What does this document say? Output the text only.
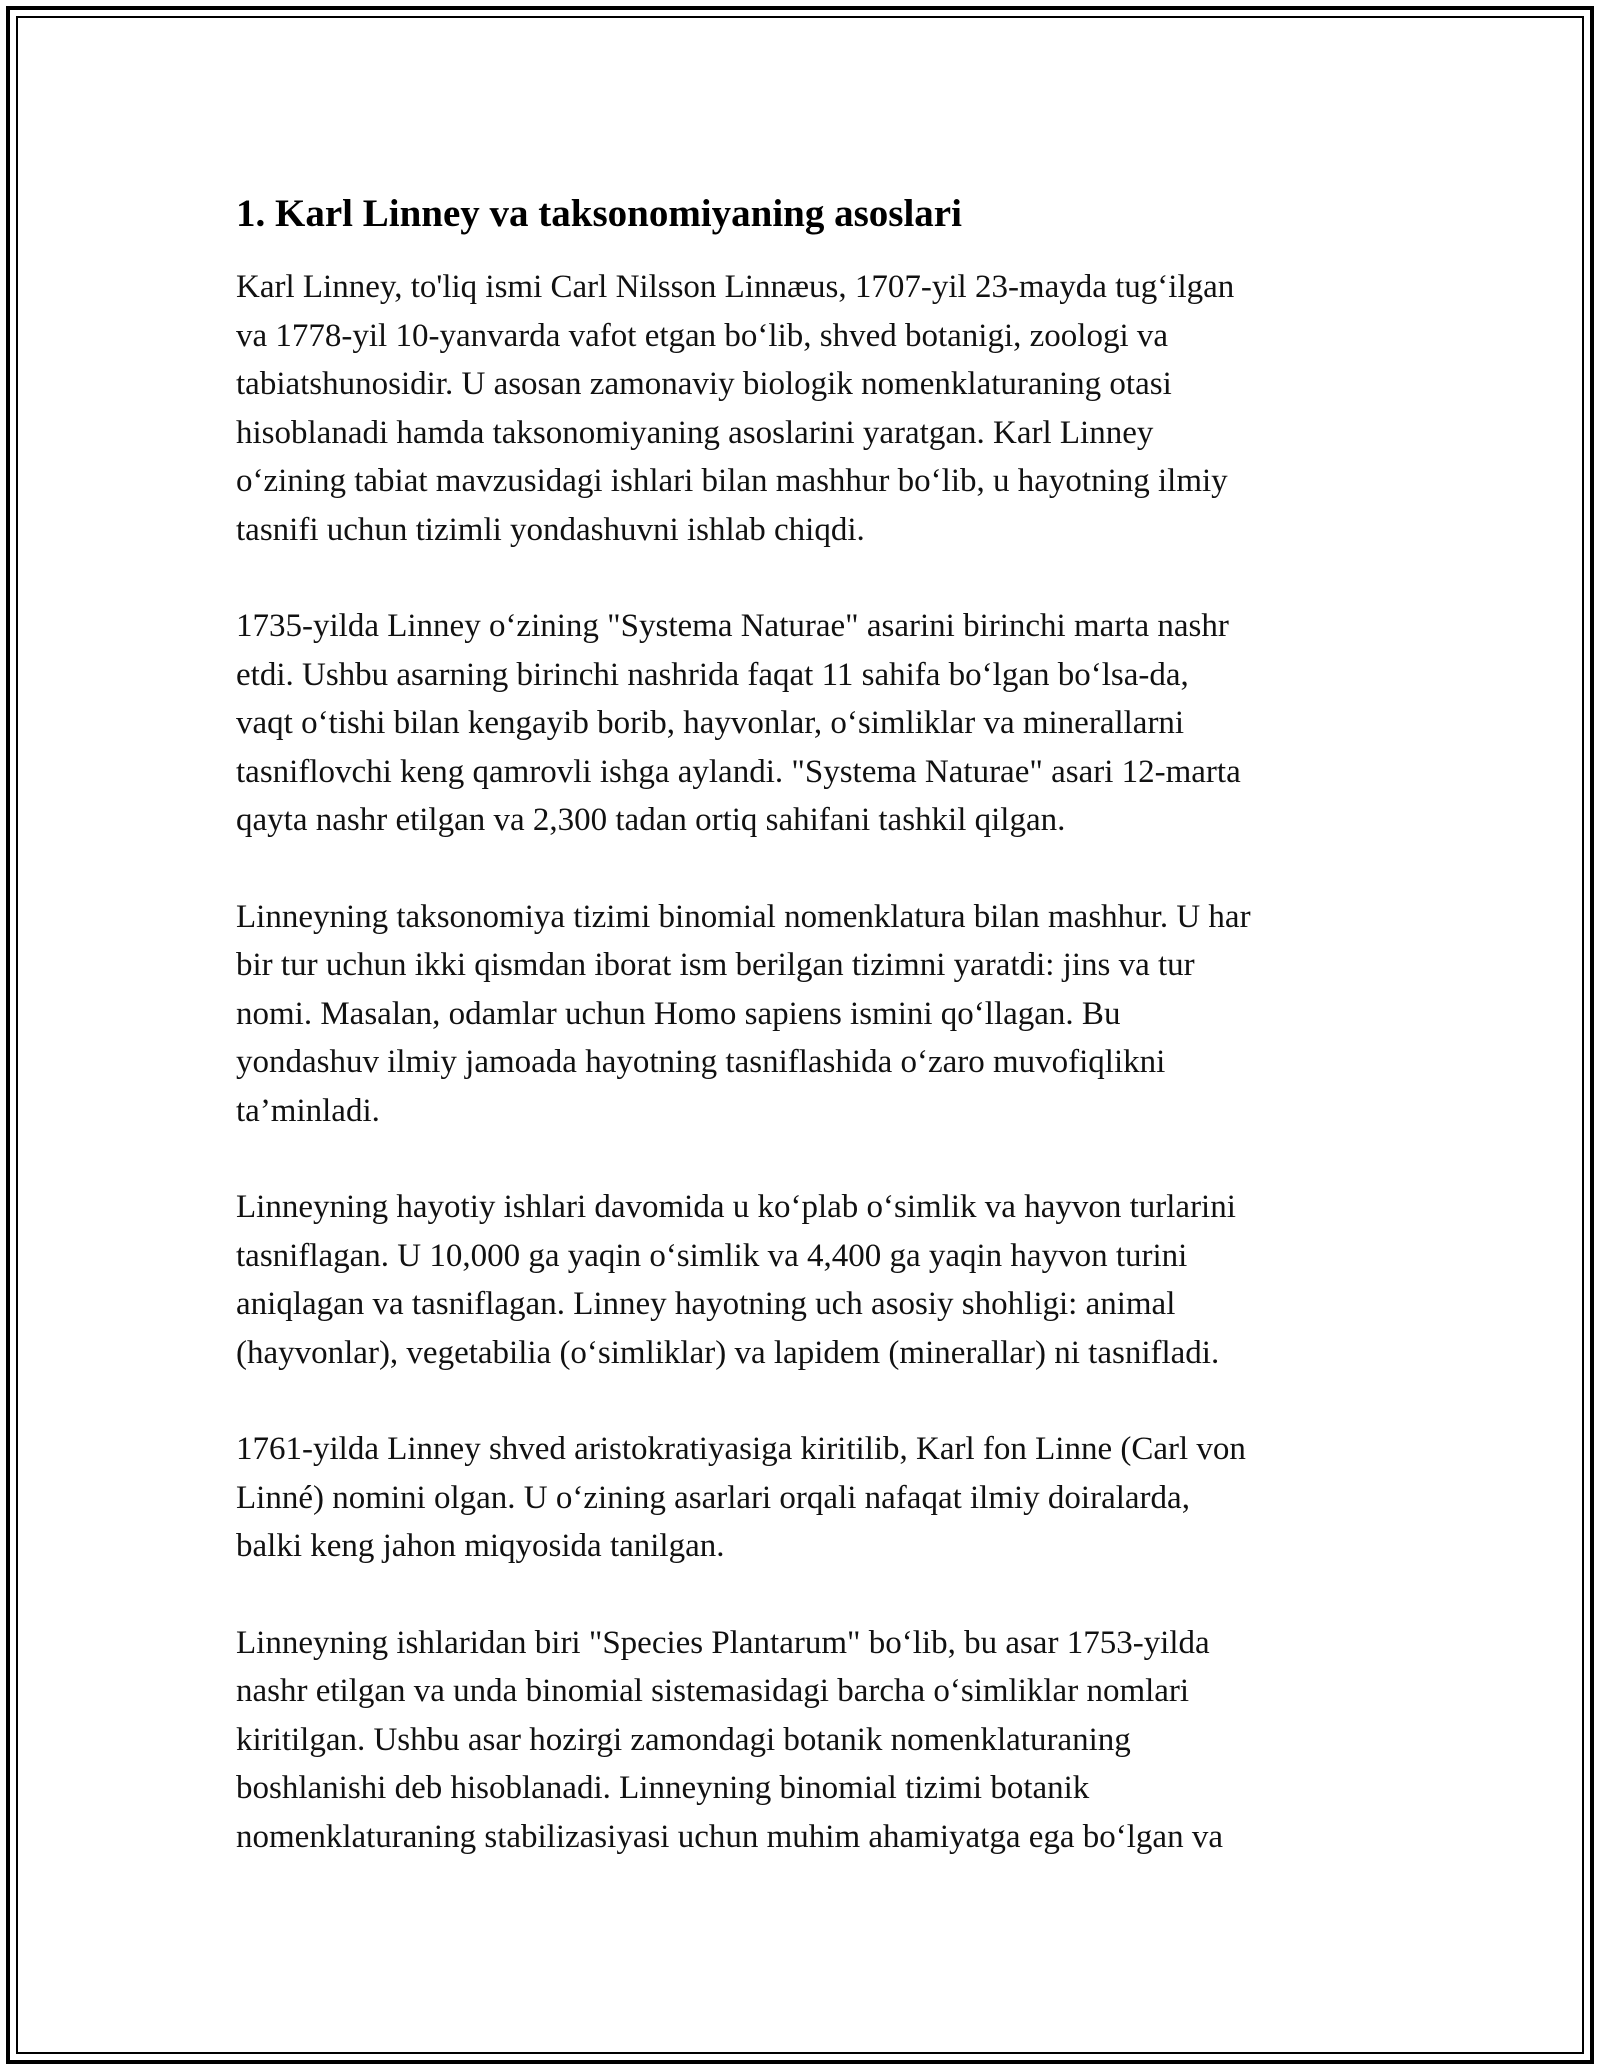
1. Karl Linney va taksonomiyaning asoslari

Karl Linney, to'liq ismi Carl Nilsson Linnæus, 1707-yil 23-mayda tug‘ilgan
va 1778-yil 10-yanvarda vafot etgan bo‘lib, shved botanigi, zoologi va
tabiatshunosidir. U asosan zamonaviy biologik nomenklaturaning otasi
hisoblanadi hamda taksonomiyaning asoslarini yaratgan. Karl Linney
o‘zining tabiat mavzusidagi ishlari bilan mashhur bo‘lib, u hayotning ilmiy
tasnifi uchun tizimli yondashuvni ishlab chiqdi.

1735-yilda Linney o‘zining "Systema Naturae" asarini birinchi marta nashr
etdi. Ushbu asarning birinchi nashrida faqat 11 sahifa bo‘lgan bo‘lsa-da,
vaqt o‘tishi bilan kengayib borib, hayvonlar, o‘simliklar va minerallarni
tasniflovchi keng qamrovli ishga aylandi. "Systema Naturae" asari 12-marta
qayta nashr etilgan va 2,300 tadan ortiq sahifani tashkil qilgan.

Linneyning taksonomiya tizimi binomial nomenklatura bilan mashhur. U har
bir tur uchun ikki qismdan iborat ism berilgan tizimni yaratdi: jins va tur
nomi. Masalan, odamlar uchun Homo sapiens ismini qo‘llagan. Bu
yondashuv ilmiy jamoada hayotning tasniflashida o‘zaro muvofiqlikni
ta’minladi.

Linneyning hayotiy ishlari davomida u ko‘plab o‘simlik va hayvon turlarini
tasniflagan. U 10,000 ga yaqin o‘simlik va 4,400 ga yaqin hayvon turini
aniqlagan va tasniflagan. Linney hayotning uch asosiy shohligi: animal
(hayvonlar), vegetabilia (o‘simliklar) va lapidem (minerallar) ni tasnifladi.

1761-yilda Linney shved aristokratiyasiga kiritilib, Karl fon Linne (Carl von
Linné) nomini olgan. U o‘zining asarlari orqali nafaqat ilmiy doiralarda,
balki keng jahon miqyosida tanilgan.

Linneyning ishlaridan biri "Species Plantarum" bo‘lib, bu asar 1753-yilda
nashr etilgan va unda binomial sistemasidagi barcha o‘simliklar nomlari
kiritilgan. Ushbu asar hozirgi zamondagi botanik nomenklaturaning
boshlanishi deb hisoblanadi. Linneyning binomial tizimi botanik
nomenklaturaning stabilizasiyasi uchun muhim ahamiyatga ega bo‘lgan va
